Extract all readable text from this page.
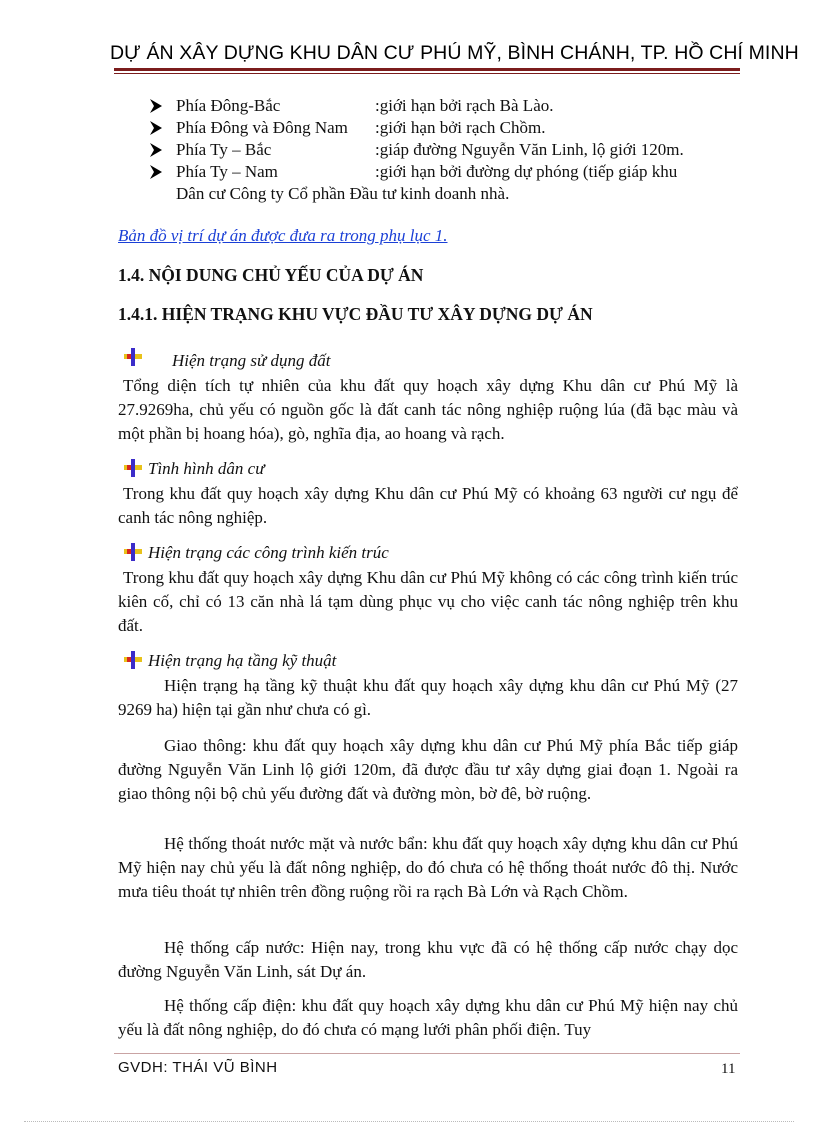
DỰ ÁN XÂY DỰNG KHU DÂN CƯ PHÚ MỸ, BÌNH CHÁNH, TP. HỒ CHÍ MINH
Phía Đông-Bắc	:giới hạn bởi rạch Bà Lào.
Phía Đông và Đông Nam :giới hạn bởi rạch Chồm.
Phía Ty – Bắc	:giáp đường Nguyễn Văn Linh, lộ giới 120m.
Phía Ty – Nam	:giới hạn bởi đường dự phóng (tiếp giáp khu
Dân cư Công ty Cổ phần Đầu tư kinh doanh nhà.
Bản đồ vị trí dự án được đưa ra trong phụ lục 1.
1.4. NỘI DUNG CHỦ YẾU CỦA DỰ ÁN
1.4.1. HIỆN TRẠNG KHU VỰC ĐẦU TƯ XÂY DỰNG DỰ ÁN
Hiện trạng sử dụng đất
Tổng diện tích tự nhiên của khu đất quy hoạch xây dựng Khu dân cư Phú Mỹ là 27.9269ha, chủ yếu có nguồn gốc là đất canh tác nông nghiệp ruộng lúa (đã bạc màu và một phần bị hoang hóa), gò, nghĩa địa, ao hoang và rạch.
Tình hình dân cư
Trong khu đất quy hoạch xây dựng Khu dân cư Phú Mỹ có khoảng 63 người cư ngụ để canh tác nông nghiệp.
Hiện trạng các công trình kiến trúc
Trong khu đất quy hoạch xây dựng Khu dân cư Phú Mỹ không có các công trình kiến trúc kiên cố, chỉ có 13 căn nhà lá tạm dùng phục vụ cho việc canh tác nông nghiệp trên khu đất.
Hiện trạng hạ tầng kỹ thuật
Hiện trạng hạ tầng kỹ thuật khu đất quy hoạch xây dựng khu dân cư Phú Mỹ (27 9269 ha) hiện tại gần như chưa có gì.
Giao thông: khu đất quy hoạch xây dựng khu dân cư Phú Mỹ phía Bắc tiếp giáp đường Nguyễn Văn Linh lộ giới 120m, đã được đầu tư xây dựng giai đoạn 1. Ngoài ra giao thông nội bộ chủ yếu đường đất và đường mòn, bờ đê, bờ ruộng.
Hệ thống thoát nước mặt và nước bẩn: khu đất quy hoạch xây dựng khu dân cư Phú Mỹ hiện nay chủ yếu là đất nông nghiệp, do đó chưa có hệ thống thoát nước đô thị. Nước mưa tiêu thoát tự nhiên trên đồng ruộng rồi ra rạch Bà Lớn và Rạch Chồm.
Hệ thống cấp nước: Hiện nay, trong khu vực đã có hệ thống cấp nước chạy dọc đường Nguyễn Văn Linh, sát Dự án.
Hệ thống cấp điện: khu đất quy hoạch xây dựng khu dân cư Phú Mỹ hiện nay chủ yếu là đất nông nghiệp, do đó chưa có mạng lưới phân phối điện. Tuy
GVDH: THÁI VŨ BÌNH	11
